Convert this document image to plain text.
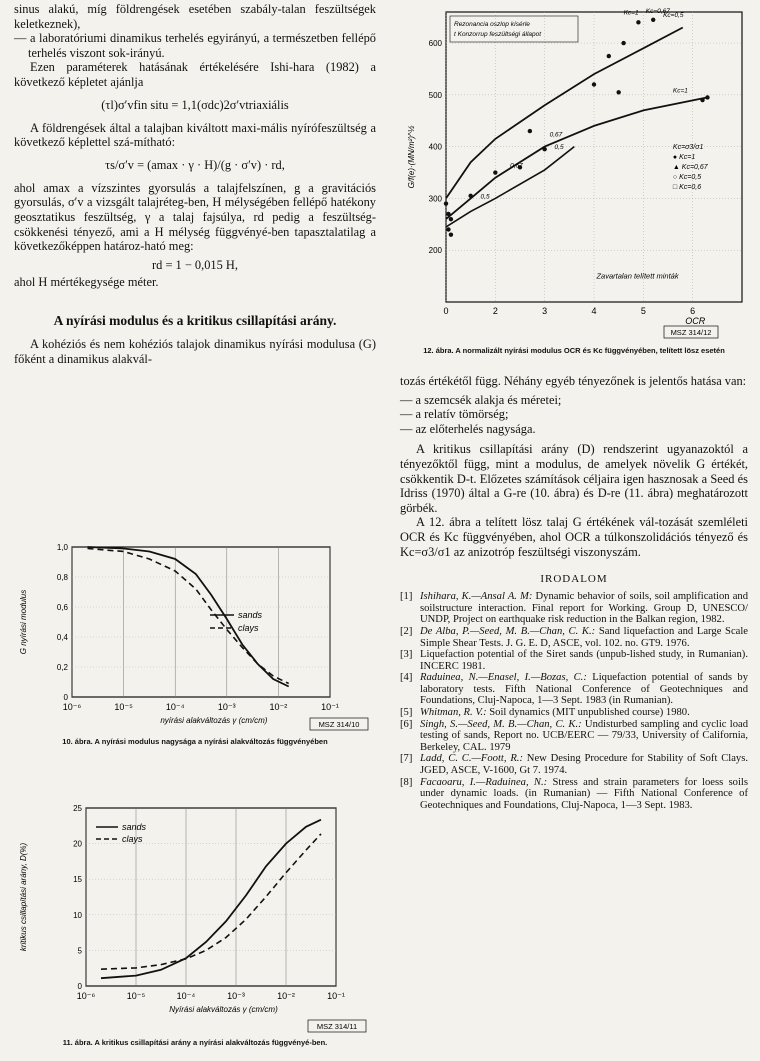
sinus alakú, míg földrengések esetében szabály-talan feszültségek keletkeznek),

— a laboratóriumi dinamikus terhelés egyirányú, a természetben fellépő terhelés viszont sok-irányú.

Ezen paraméterek hatásának értékelésére Ishi-hara (1982) a következő képletet ajánlja

(τl)σ′vfin situ = 1,1(σdc)2σ′vtriaxiális

A földrengések által a talajban kiváltott maxi-mális nyírófeszültség a következő képlettel szá-mítható:

τs/σ′v = (amax · γ · H)/(g · σ′v) · rd,

ahol amax a vízszintes gyorsulás a talajfelszínen, g a gravitációs gyorsulás, σ′v a vizsgált talajréteg-ben, H mélységében fellépő hatékony geosztatikus feszültség, γ a talaj fajsúlya, rd pedig a feszültség-csökkenési tényező, ami a H mélység függvényé-ben tapasztalatilag a következőképpen határoz-ható meg:

rd = 1 − 0,015 H,

ahol H mértékegysége méter.

A nyírási modulus és a kritikus csillapítási arány.

A kohéziós és nem kohéziós talajok dinamikus nyírási modulusa (G) főként a dinamikus alakvál-

10⁻⁶	10⁻⁵	10⁻⁴	10⁻³	10⁻²	10⁻¹
0
0,2
0,4
0,6
0,8
1,0
nyírási alakváltozás γ (cm/cm)
G nyírási modulus	sands
clays
MSZ 314/10
10. ábra. A nyírási modulus nagysága a nyírási alakváltozás függvényében
10⁻⁶	10⁻⁵	10⁻⁴	10⁻³	10⁻²	10⁻¹
0
5
10
15
20
25
Nyírási alakváltozás γ (cm/cm)
kritikus csillapítási arány, D(%)
sands
clays
MSZ 314/11
11. ábra. A kritikus csillapítási arány a nyírási alakváltozás függvényé-ben.
0	2	3	4	5	6
200
300
400
500
600
OCR
G/f(e)·(MN/m²)^½
Rezonancia oszlop kísérle
t Konzorrup feszültségi állapot
Kc=1 Kc=0,67
Kc=0,5
Kc=1
0,67
0,5
0,67
0,5
Kc=σ3/σ1
● Kc=1
▲ Kc=0,67
○ Kc=0,5
□ Kc=0,6
Zavartalan telített minták
MSZ 314/12
12. ábra. A normalizált nyírási modulus OCR és Kc függvényében, telített lösz esetén

tozás értékétől függ. Néhány egyéb tényezőnek is jelentős hatása van:

— a szemcsék alakja és méretei;

— a relatív tömörség;

— az előterhelés nagysága.

A kritikus csillapítási arány (D) rendszerint ugyanazoktól a tényezőktől függ, mint a modulus, de amelyek növelik G értékét, csökkentik D-t. Előzetes számítások céljaira igen hasznosak a Seed és Idriss (1970) által a G-re (10. ábra) és D-re (11. ábra) meghatározott görbék.

A 12. ábra a telített lösz talaj G értékének vál-tozását szemléleti OCR és Kc függvényében, ahol OCR a túlkonszolidációs tényező és Kc=σ3/σ1 az anizotróp feszültségi viszonyszám.

IRODALOM

[1] Ishihara, K.—Ansal A. M: Dynamic behavior of soils, soil amplification and soilstructure interaction. Final report for Working. Group D, UNESCO/ UNDP, Project on earthquake risk reduction in the Balkan region, 1982.
[2] De Alba, P.—Seed, M. B.—Chan, C. K.: Sand liquefaction and Large Scale Simple Shear Tests. J. G. E. D, ASCE, vol. 102. no. GT9. 1976.
[3] Liquefaction potential of the Siret sands (unpub-lished study, in Rumanian). INCERC 1981.
[4] Raduinea, N.—Enasel, I.—Bozas, C.: Liquefaction potential of sands by laboratory tests. Fifth National Conference of Geotechniques and Foundations, Cluj-Napoca, 1—3 Sept. 1983 (in Rumanian).
[5] Whitman, R. V.: Soil dynamics (MIT unpublished course) 1980.
[6] Singh, S.—Seed, M. B.—Chan, C. K.: Undisturbed sampling and cyclic load testing of sands, Report no. UCB/EERC — 79/33, University of California, Berkeley, CAL. 1979
[7] Ladd, C. C.—Foott, R.: New Desing Procedure for Stability of Soft Clays. JGED, ASCE, V-1600, Gt 7. 1974.
[8] Facaoaru, I.—Raduinea, N.: Stress and strain parameters for loess soils under dynamic loads. (in Rumanian) — Fifth National Conference of Geotechniques and Foundations, Cluj-Napoca, 1—3 Sept. 1983.
